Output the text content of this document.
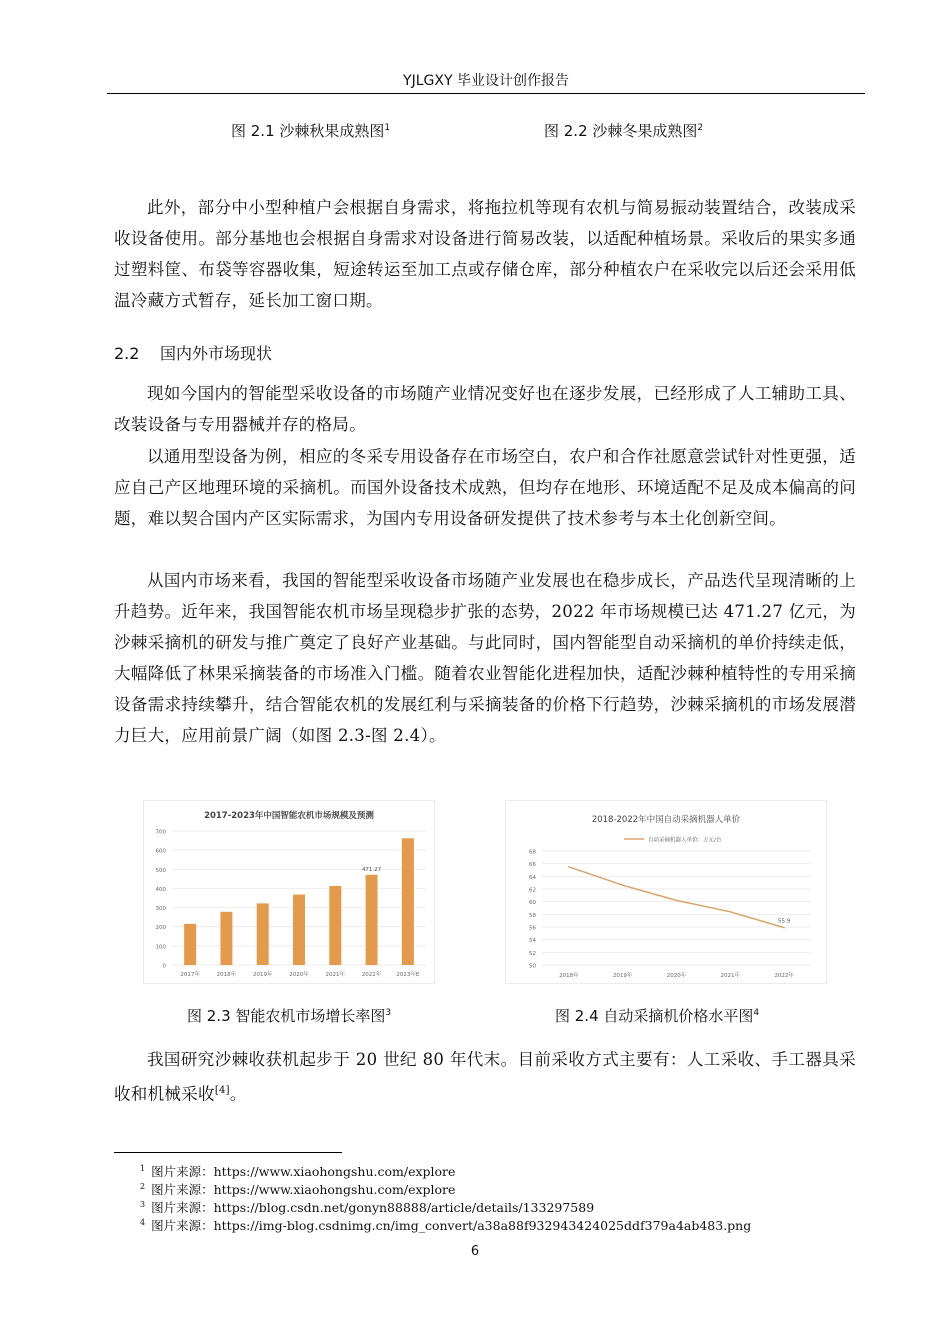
YJLGXY 毕业设计创作报告
图 2.1 沙棘秋果成熟图$^1$	图 2.2 沙棘冬果成熟图$^2$
此外，部分中小型种植户会根据自身需求，将拖拉机等现有农机与简易振动装置结合，改装成采收设备使用。部分基地也会根据自身需求对设备进行简易改装，以适配种植场景。采收后的果实多通过塑料筐、布袋等容器收集，短途转运至加工点或存储仓库，部分种植农户在采收完以后还会采用低温冷藏方式暂存，延长加工窗口期。
2.2 国内外市场现状
现如今国内的智能型采收设备的市场随产业情况变好也在逐步发展，已经形成了人工辅助工具、改装设备与专用器械并存的格局。
以通用型设备为例，相应的冬采专用设备存在市场空白，农户和合作社愿意尝试针对性更强，适应自己产区地理环境的采摘机。而国外设备技术成熟，但均存在地形、环境适配不足及成本偏高的问题，难以契合国内产区实际需求，为国内专用设备研发提供了技术参考与本土化创新空间。
从国内市场来看，我国的智能型采收设备市场随产业发展也在稳步成长，产品迭代呈现清晰的上升趋势。近年来，我国智能农机市场呈现稳步扩张的态势，2022 年市场规模已达 471.27 亿元，为沙棘采摘机的研发与推广奠定了良好产业基础。与此同时，国内智能型自动采摘机的单价持续走低，大幅降低了林果采摘装备的市场准入门槛。随着农业智能化进程加快，适配沙棘种植特性的专用采摘设备需求持续攀升，结合智能农机的发展红利与采摘装备的价格下行趋势，沙棘采摘机的市场发展潜力巨大，应用前景广阔（如图 2.3-图 2.4）。
2017-2023年中国智能农机市场规模及预测
0
100
200
300
400
500
600
700
2017年	2018年	2019年	2020年	2021年	2022年
471.27
2023年E
2018-2022年中国自动采摘机器人单价
自动采摘机器人单价：万元/台
50
52
54
56
58
60
62
64
66
68
2018年	2019年	2020年	2021年	2022年
55.9
图 2.3 智能农机市场增长率图$^3$	图 2.4 自动采摘机价格水平图$^4$
我国研究沙棘收获机起步于 20 世纪 80 年代末。目前采收方式主要有：人工采收、手工器具采收和机械采收[4]。
$^1$ 图片来源：https://www.xiaohongshu.com/explore
$^2$ 图片来源：https://www.xiaohongshu.com/explore
$^3$ 图片来源：https://blog.csdn.net/gonyn88888/article/details/133297589
$^4$ 图片来源：https://img-blog.csdnimg.cn/img_convert/a38a88f932943424025ddf379a4ab483.png
6
